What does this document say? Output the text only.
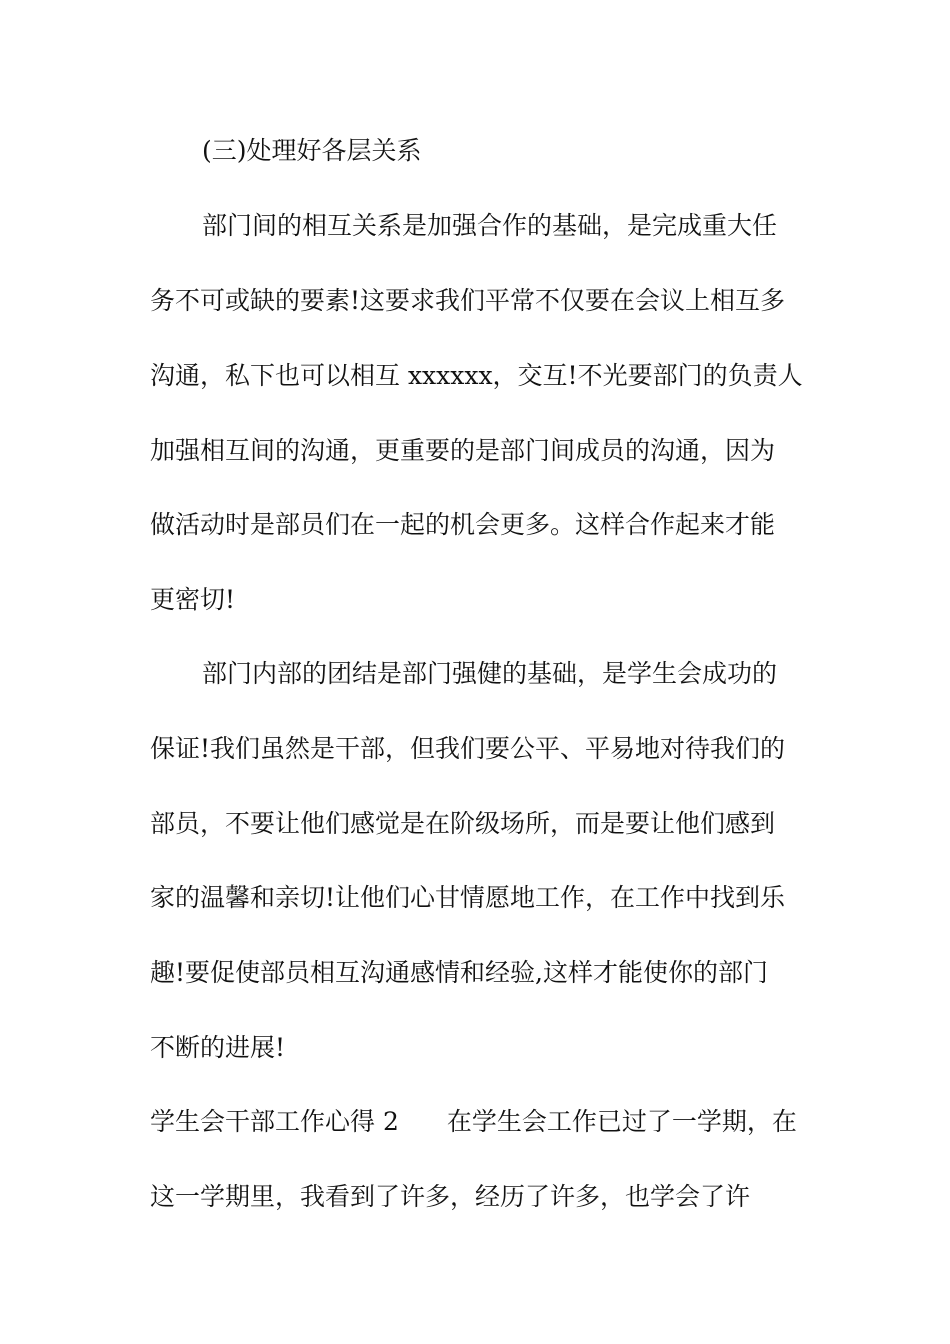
(三)处理好各层关系
部门间的相互关系是加强合作的基础，是完成重大任
务不可或缺的要素!这要求我们平常不仅要在会议上相互多
沟通，私下也可以相互 xxxxxx，交互!不光要部门的负责人
加强相互间的沟通，更重要的是部门间成员的沟通，因为
做活动时是部员们在一起的机会更多。这样合作起来才能
更密切!
部门内部的团结是部门强健的基础，是学生会成功的
保证!我们虽然是干部，但我们要公平、平易地对待我们的
部员，不要让他们感觉是在阶级场所，而是要让他们感到
家的温馨和亲切!让他们心甘情愿地工作，在工作中找到乐
趣!要促使部员相互沟通感情和经验,这样才能使你的部门
不断的进展!
学生会干部工作心得 2 在学生会工作已过了一学期，在
这一学期里，我看到了许多，经历了许多，也学会了许
